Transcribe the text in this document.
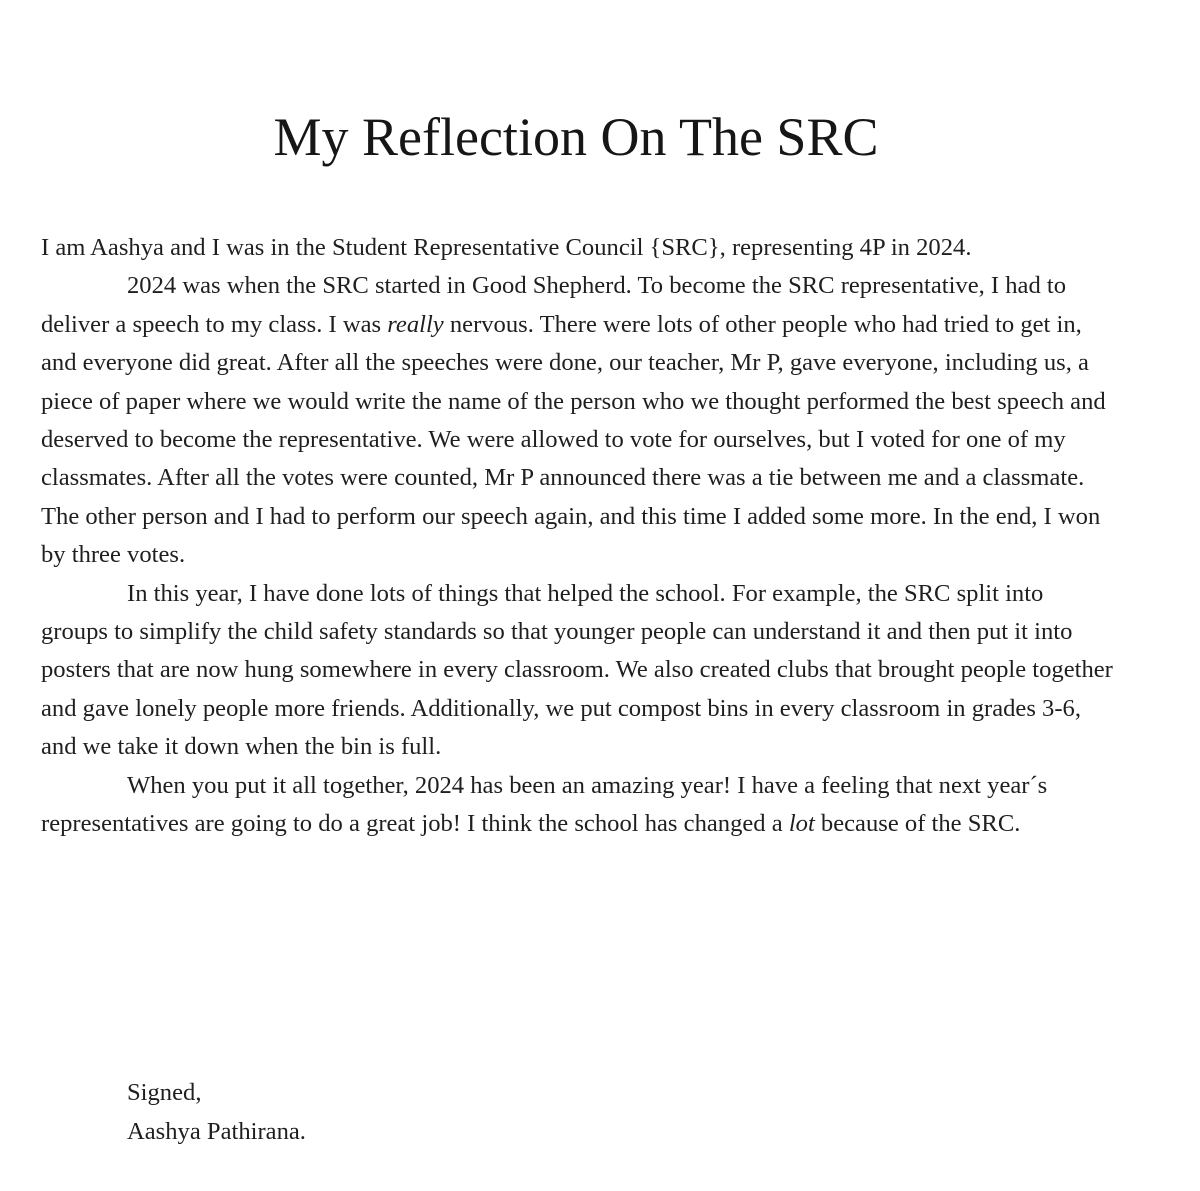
My Reflection On The SRC

I am Aashya and I was in the Student Representative Council {SRC}, representing 4P in 2024.

2024 was when the SRC started in Good Shepherd. To become the SRC representative, I had to deliver a speech to my class. I was really nervous. There were lots of other people who had tried to get in, and everyone did great. After all the speeches were done, our teacher, Mr P, gave everyone, including us, a piece of paper where we would write the name of the person who we thought performed the best speech and deserved to become the representative. We were allowed to vote for ourselves, but I voted for one of my classmates. After all the votes were counted, Mr P announced there was a tie between me and a classmate. The other person and I had to perform our speech again, and this time I added some more. In the end, I won by three votes.

In this year, I have done lots of things that helped the school. For example, the SRC split into groups to simplify the child safety standards so that younger people can understand it and then put it into posters that are now hung somewhere in every classroom. We also created clubs that brought people together and gave lonely people more friends. Additionally, we put compost bins in every classroom in grades 3-6, and we take it down when the bin is full.

When you put it all together, 2024 has been an amazing year! I have a feeling that next year´s representatives are going to do a great job! I think the school has changed a lot because of the SRC.

Signed,
Aashya Pathirana.
